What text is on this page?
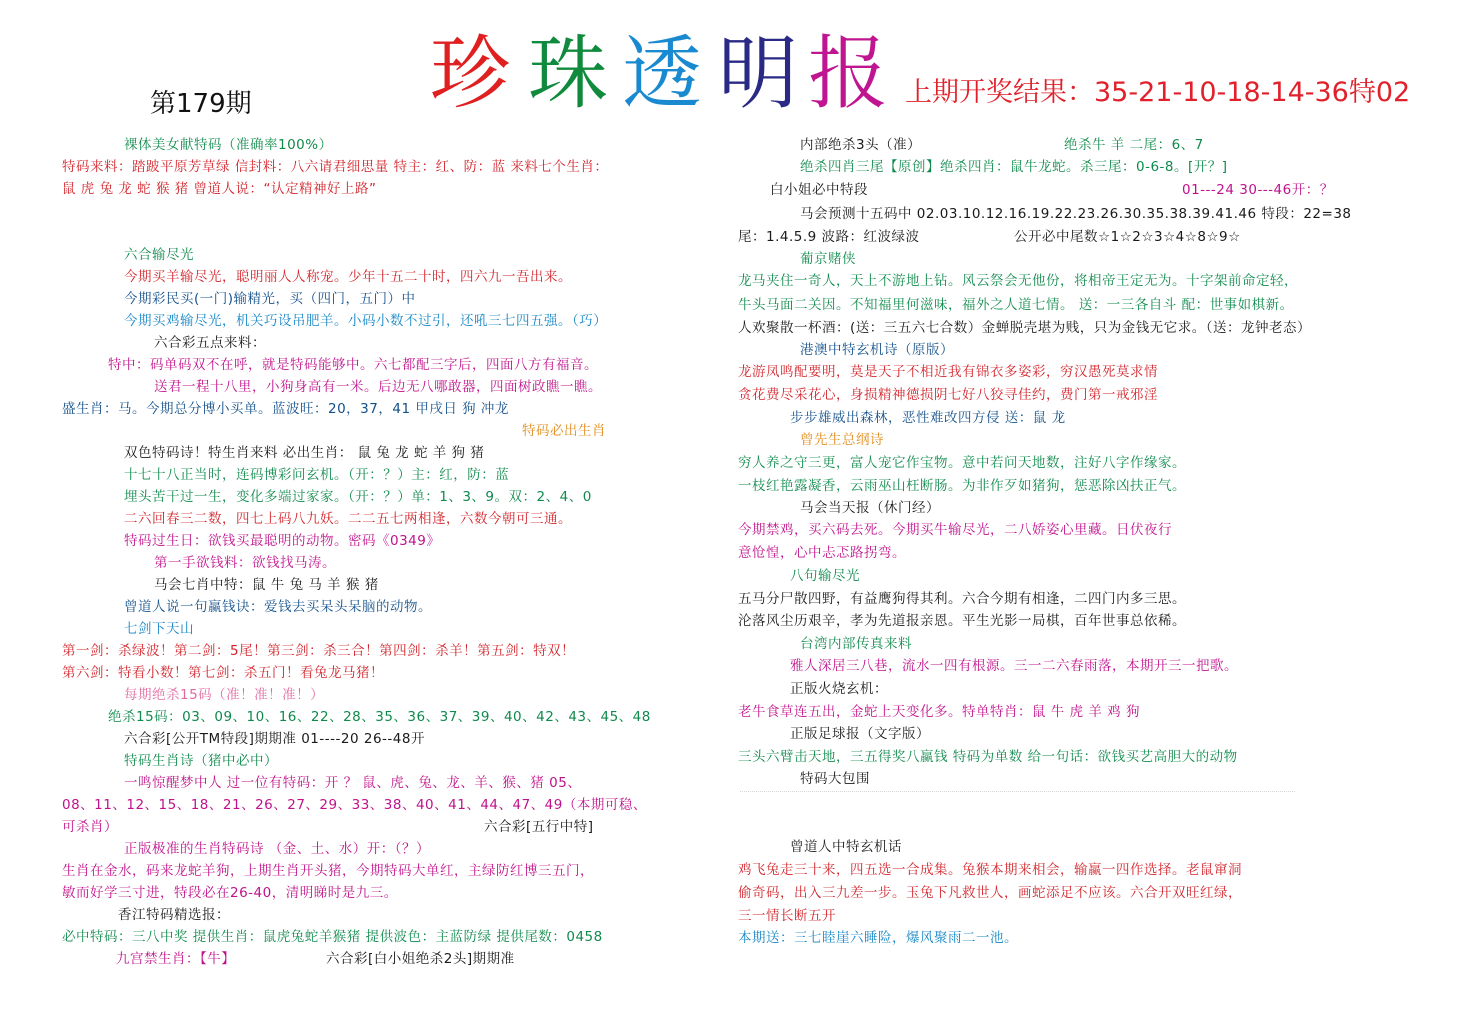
珍 珠 透 明 报
第179期	上期开奖结果：35-21-10-18-14-36特02
裸体美女献特码（准确率100%）
特码来料：踏跛平原芳草绿 信封料：八六请君细思量 特主：红、防：蓝 来料七个生肖：
鼠 虎 兔 龙 蛇 猴 猪 曾道人说：“认定精神好上路”
六合输尽光
今期买羊输尽光，聪明丽人人称宠。少年十五二十时，四六九一吾出来。
今期彩民买(一门)输精光，买（四门，五门）中
今期买鸡输尽光，机关巧设吊肥羊。小码小数不过引，还吼三七四五强。（巧）
六合彩五点来料：
特中：码单码双不在呼，就是特码能够中。六七都配三字后，四面八方有福音。
送君一程十八里，小狗身高有一米。后边无八哪敢器，四面树政瞧一瞧。
盛生肖：马。今期总分博小买单。蓝波旺：20，37，41 甲戌日 狗 冲龙
特码必出生肖
双色特码诗！特生肖来料 必出生肖： 鼠 兔 龙 蛇 羊 狗 猪
十七十八正当时，连码博彩问玄机。（开：？）主：红，防：蓝
埋头苦干过一生，变化多端过家家。（开：？）单：1、3、9。双：2、4、0
二六回春三二数，四七上码八九妖。二二五七两相逢，六数今朝可三通。
特码过生日：欲钱买最聪明的动物。密码《0349》
第一手欲钱料：欲钱找马涛。
马会七肖中特：鼠 牛 兔 马 羊 猴 猪
曾道人说一句赢钱诀：爱钱去买呆头呆脑的动物。
七剑下天山
第一剑：杀绿波！第二剑：5尾！第三剑：杀三合！第四剑：杀羊！第五剑：特双！
第六剑：特看小数！第七剑：杀五门！看兔龙马猪！
每期绝杀15码（准！准！准！）
绝杀15码：03、09、10、16、22、28、35、36、37、39、40、42、43、45、48
六合彩[公开TM特段]期期准 01----20 26--48开
特码生肖诗（猪中必中）
一鸣惊醒梦中人 过一位有特码：开 ？ 鼠、虎、兔、龙、羊、猴、猪 05、
08、11、12、15、18、21、26、27、29、33、38、40、41、44、47、49（本期可稳、
可杀肖）	六合彩[五行中特]
正版极准的生肖特码诗 （金、土、水）开：（？）
生肖在金水，码来龙蛇羊狗，上期生肖开头猪，今期特码大单红，主绿防红博三五门，
敏而好学三寸进，特段必在26-40，清明睇时是九三。
香江特码精选报：
必中特码：三八中奖 提供生肖：鼠虎兔蛇羊猴猪 提供波色：主蓝防绿 提供尾数：0458
九宫禁生肖：【牛】	六合彩[白小姐绝杀2头]期期准
内部绝杀3头（准）	绝杀牛 羊 二尾：6、7
绝杀四肖三尾【原创】绝杀四肖：鼠牛龙蛇。杀三尾：0-6-8。[开？]
白小姐必中特段	01---24 30---46开：？
马会预测十五码中 02.03.10.12.16.19.22.23.26.30.35.38.39.41.46 特段：22=38
尾：1.4.5.9 波路：红波绿波	公开必中尾数☆1☆2☆3☆4☆8☆9☆
葡京赌侠
龙马夹住一奇人，天上不游地上钻。风云祭会无他份，将相帝王定无为。十字架前命定轻，
牛头马面二关因。不知福里何滋味，福外之人道七情。 送：一三各自斗 配：世事如棋新。
人欢聚散一杯酒：(送：三五六七合数）金蝉脱壳堪为贱，只为金钱无它求。（送：龙钟老态）
港澳中特玄机诗（原版）
龙游凤鸣配要明，莫是天子不相近我有锦衣多姿彩，穷汉愚死莫求情
贪花费尽采花心，身损精神德损阴七好八狡寻佳约，费门第一戒邪淫
步步雄威出森林，恶性难改四方侵 送：鼠 龙
曾先生总纲诗
穷人养之守三更，富人宠它作宝物。意中若问天地数，注好八字作缘家。
一枝红艳露凝香，云雨巫山枉断肠。为非作歹如猪狗，惩恶除凶扶正气。
马会当天报（休门经）
今期禁鸡，买六码去死。今期买牛输尽光，二八娇姿心里藏。日伏夜行
意怆惶，心中忐忑路拐弯。
八句输尽光
五马分尸散四野，有益鹰狗得其利。六合今期有相逢，二四门内多三思。
沦落风尘历艰辛，孝为先道报亲恩。平生光影一局棋，百年世事总依稀。
台湾内部传真来料
雅人深居三八巷，流水一四有根源。三一二六春雨落，本期开三一把歌。
正版火烧玄机：
老牛食草连五出，金蛇上天变化多。特单特肖：鼠 牛 虎 羊 鸡 狗
正版足球报（文字版）
三头六臂击天地，三五得奖八赢钱 特码为单数 给一句话：欲钱买艺高胆大的动物
特码大包围
曾道人中特玄机话
鸡飞兔走三十来，四五选一合成集。兔猴本期来相会，输赢一四作选择。老鼠窜洞
偷奇码，出入三九差一步。玉兔下凡救世人，画蛇添足不应该。六合开双旺红绿，
三一情长断五开
本期送：三七睦崖六睡险，爆风聚雨二一池。
